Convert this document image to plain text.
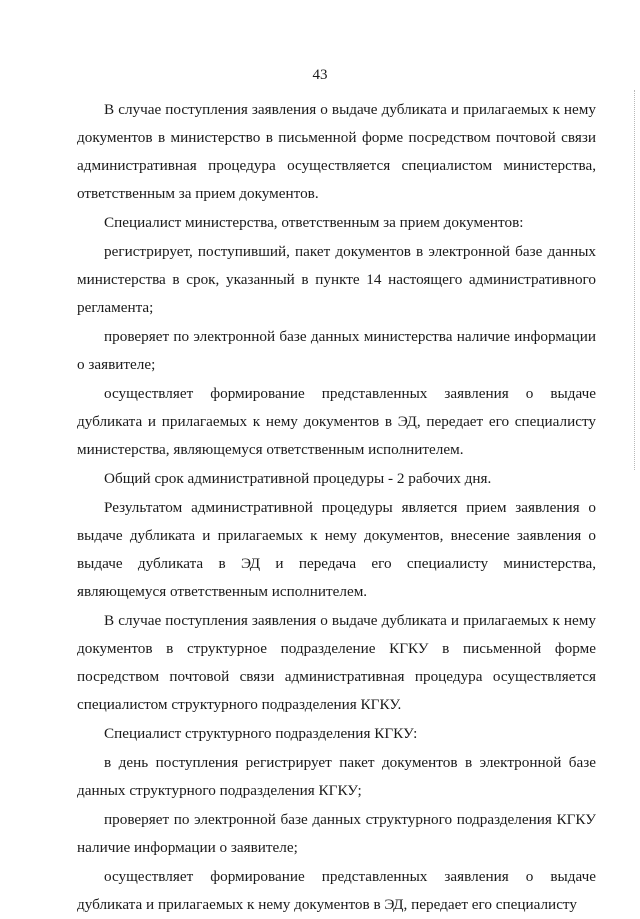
43

В случае поступления заявления о выдаче дубликата и прилагаемых к нему документов в министерство в письменной форме посредством почтовой связи административная процедура осуществляется специалистом министерства, ответственным за прием документов.

Специалист министерства, ответственным за прием документов:

регистрирует, поступивший, пакет документов в электронной базе данных министерства в срок, указанный в пункте 14 настоящего административного регламента;

проверяет по электронной базе данных министерства наличие информации о заявителе;

осуществляет формирование представленных заявления о выдаче дубликата и прилагаемых к нему документов в ЭД, передает его специалисту министерства, являющемуся ответственным исполнителем.

Общий срок административной процедуры - 2 рабочих дня.

Результатом административной процедуры является прием заявления о выдаче дубликата и прилагаемых к нему документов, внесение заявления о выдаче дубликата в ЭД и передача его специалисту министерства, являющемуся ответственным исполнителем.

В случае поступления заявления о выдаче дубликата и прилагаемых к нему документов в структурное подразделение КГКУ в письменной форме посредством почтовой связи административная процедура осуществляется специалистом структурного подразделения КГКУ.

Специалист структурного подразделения КГКУ:

в день поступления регистрирует пакет документов в электронной базе данных структурного подразделения КГКУ;

проверяет по электронной базе данных структурного подразделения КГКУ наличие информации о заявителе;

осуществляет формирование представленных заявления о выдаче дубликата и прилагаемых к нему документов в ЭД, передает его специалисту
